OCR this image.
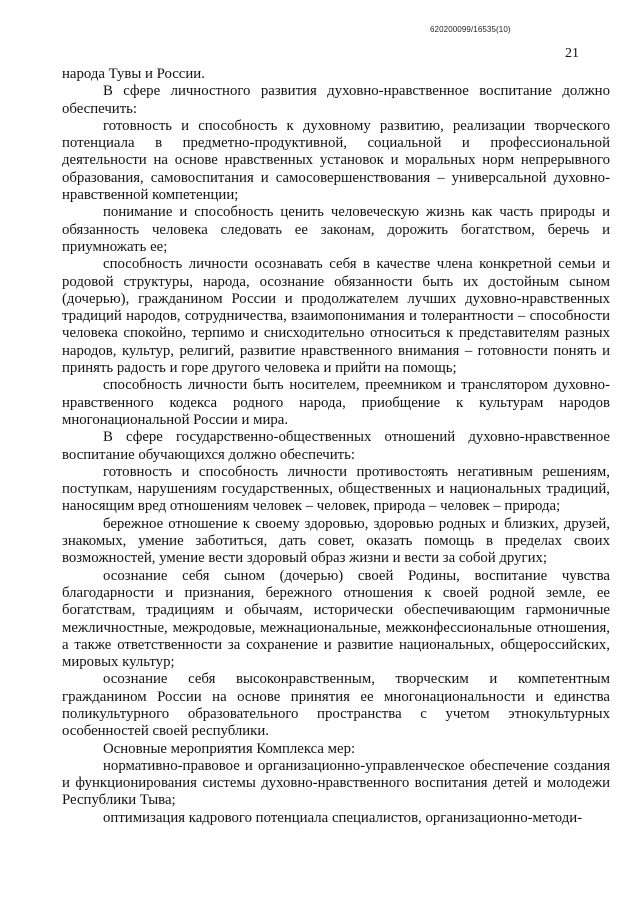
620200099/16535(10)
21

народа Тувы и России.

В сфере личностного развития духовно-нравственное воспитание должно обеспечить:

готовность и способность к духовному развитию, реализации творческого потенциала в предметно-продуктивной, социальной и профессиональной деятельности на основе нравственных установок и моральных норм непрерывного образования, самовоспитания и самосовершенствования – универсальной духовно-нравственной компетенции;

понимание и способность ценить человеческую жизнь как часть природы и обязанность человека следовать ее законам, дорожить богатством, беречь и приумножать ее;

способность личности осознавать себя в качестве члена конкретной семьи и родовой структуры, народа, осознание обязанности быть их достойным сыном (дочерью), гражданином России и продолжателем лучших духовно-нравственных традиций народов, сотрудничества, взаимопонимания и толерантности – способности человека спокойно, терпимо и снисходительно относиться к представителям разных народов, культур, религий, развитие нравственного внимания – готовности понять и принять радость и горе другого человека и прийти на помощь;

способность личности быть носителем, преемником и транслятором духовно-нравственного кодекса родного народа, приобщение к культурам народов многонациональной России и мира.

В сфере государственно-общественных отношений духовно-нравственное воспитание обучающихся должно обеспечить:

готовность и способность личности противостоять негативным решениям, поступкам, нарушениям государственных, общественных и национальных традиций, наносящим вред отношениям человек – человек, природа – человек – природа;

бережное отношение к своему здоровью, здоровью родных и близких, друзей, знакомых, умение заботиться, дать совет, оказать помощь в пределах своих возможностей, умение вести здоровый образ жизни и вести за собой других;

осознание себя сыном (дочерью) своей Родины, воспитание чувства благодарности и признания, бережного отношения к своей родной земле, ее богатствам, традициям и обычаям, исторически обеспечивающим гармоничные межличностные, межродовые, межнациональные, межконфессиональные отношения, а также ответственности за сохранение и развитие национальных, общероссийских, мировых культур;

осознание себя высоконравственным, творческим и компетентным гражданином России на основе принятия ее многонациональности и единства поликультурного образовательного пространства с учетом этнокультурных особенностей своей республики.

Основные мероприятия Комплекса мер:

нормативно-правовое и организационно-управленческое обеспечение создания и функционирования системы духовно-нравственного воспитания детей и молодежи Республики Тыва;

оптимизация кадрового потенциала специалистов, организационно-методи-
